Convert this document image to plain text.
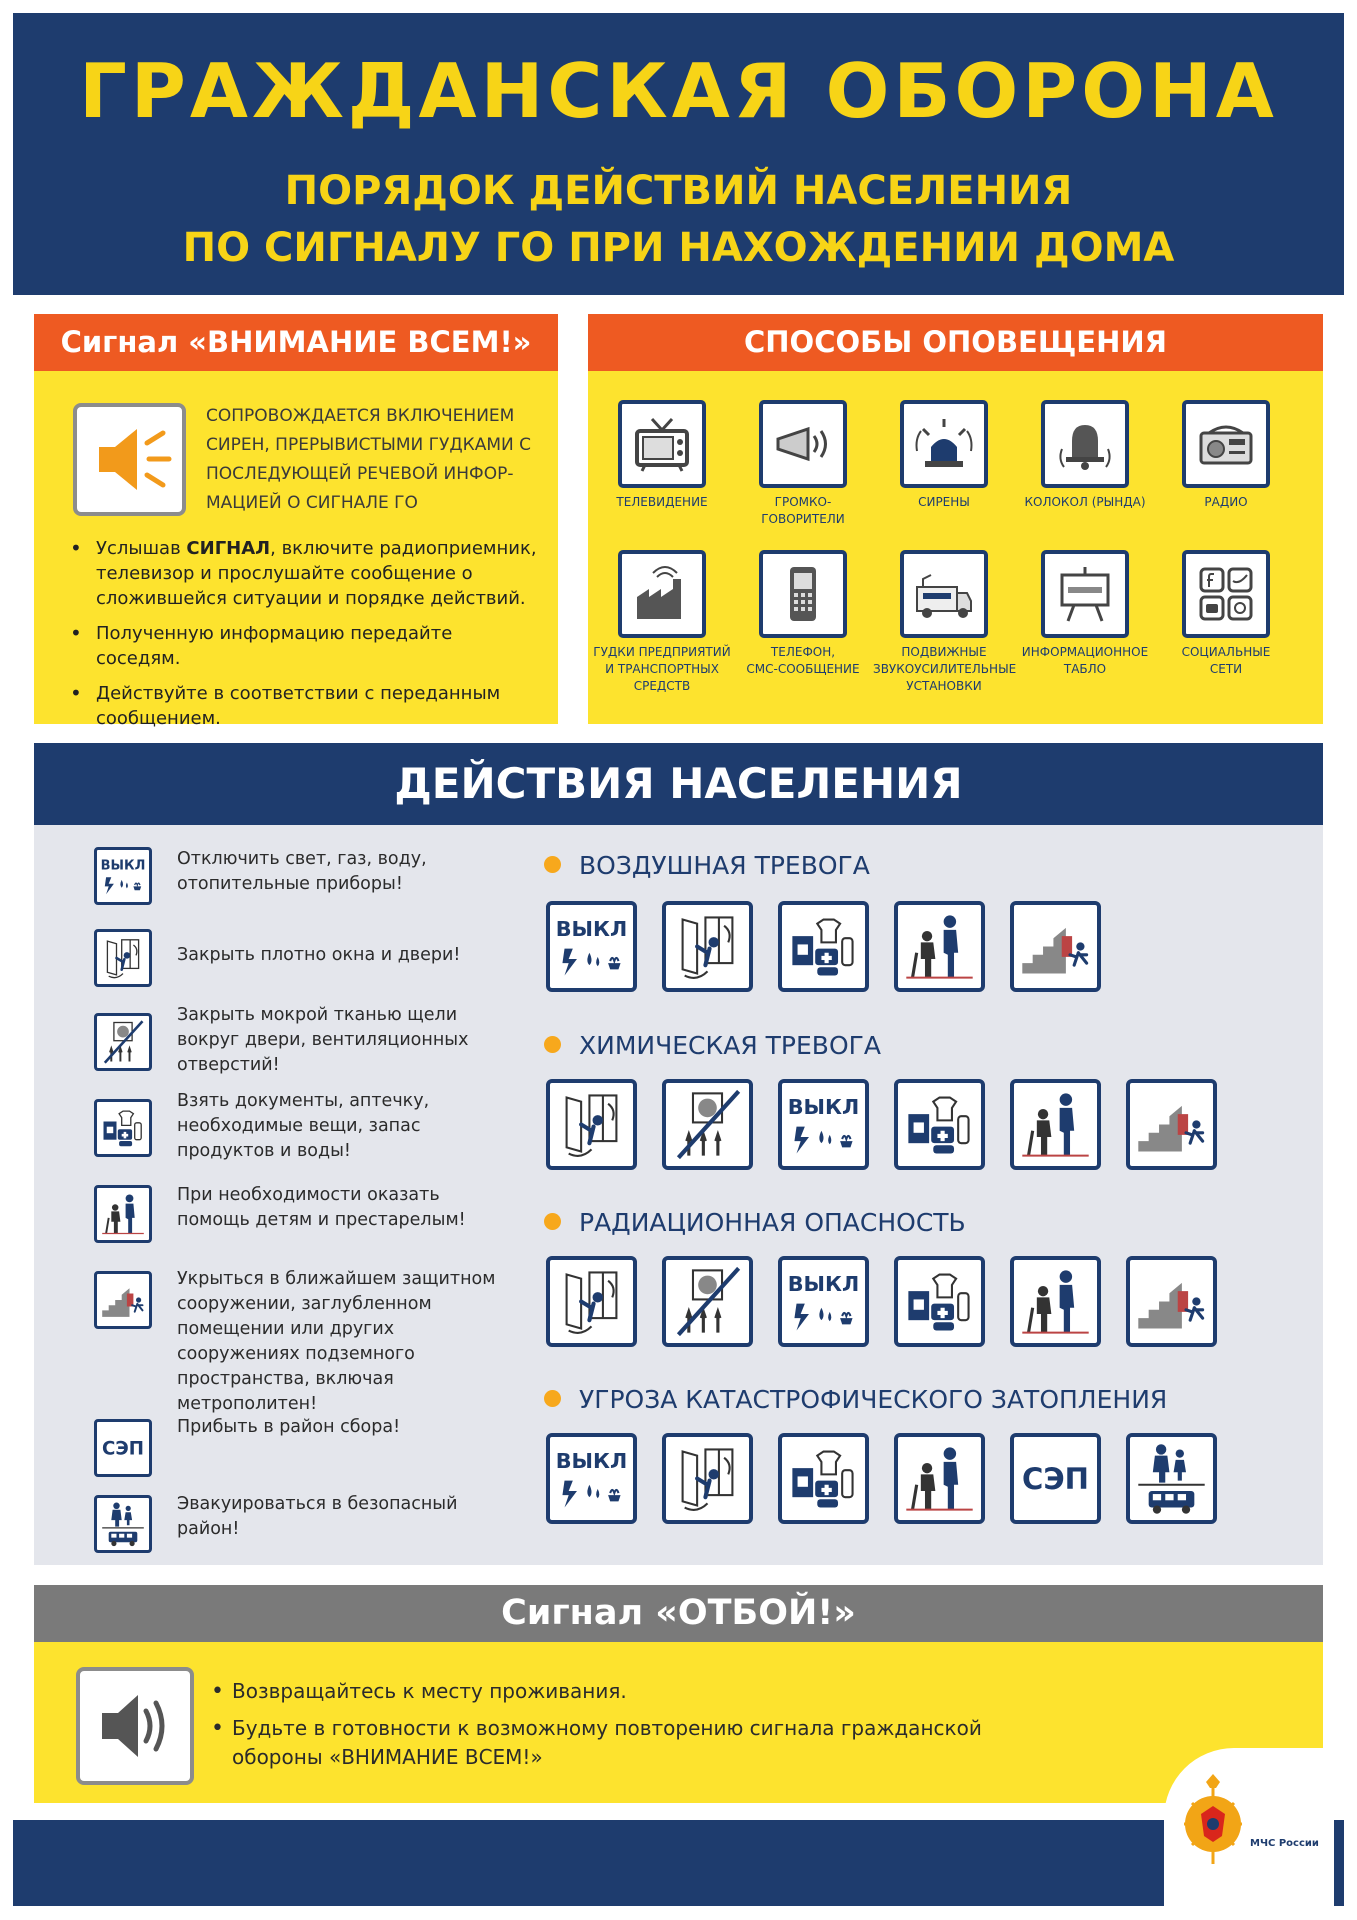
ГРАЖДАНСКАЯ ОБОРОНА
ПОРЯДОК ДЕЙСТВИЙ НАСЕЛЕНИЯ
ПО СИГНАЛУ ГО ПРИ НАХОЖДЕНИИ ДОМА
Сигнал «ВНИМАНИЕ ВСЕМ!»
СОПРОВОЖДАЕТСЯ ВКЛЮЧЕНИЕМ СИРЕН, ПРЕРЫВИСТЫМИ ГУДКАМИ С ПОСЛЕДУЮЩЕЙ РЕЧЕВОЙ ИНФОР-МАЦИЕЙ О СИГНАЛЕ ГО
• Услышав СИГНАЛ, включите радиоприемник, телевизор и прослушайте сообщение о сложившейся ситуации и порядке действий.
• Полученную информацию передайте соседям.
• Действуйте в соответствии с переданным сообщением.
СПОСОБЫ ОПОВЕЩЕНИЯ
ТЕЛЕВИДЕНИЕ	ГРОМКО-
ГОВОРИТЕЛИ
СИРЕНЫ	КОЛОКОЛ (РЫНДА)	РАДИО
ГУДКИ ПРЕДПРИЯТИЙ
И ТРАНСПОРТНЫХ
СРЕДСТВ
ТЕЛЕФОН,
СМС-СООБЩЕНИЕ
ПОДВИЖНЫЕ
ЗВУКОУСИЛИТЕЛЬНЫЕ
УСТАНОВКИ
ИНФОРМАЦИОННОЕ
ТАБЛО
СОЦИАЛЬНЫЕ
СЕТИ
ДЕЙСТВИЯ НАСЕЛЕНИЯ
Отключить свет, газ, воду, отопительные приборы!
Закрыть плотно окна и двери!
Закрыть мокрой тканью щели вокруг двери, вентиляционных отверстий!
Взять документы, аптечку, необходимые вещи, запас продуктов и воды!
При необходимости оказать помощь детям и престарелым!
Укрыться в ближайшем защитном сооружении, заглубленном помещении или других сооружениях подземного пространства, включая метрополитен!
Прибыть в район сбора!
Эвакуироваться в безопасный район!
ВОЗДУШНАЯ ТРЕВОГА
ХИМИЧЕСКАЯ ТРЕВОГА
РАДИАЦИОННАЯ ОПАСНОСТЬ
УГРОЗА КАТАСТРОФИЧЕСКОГО ЗАТОПЛЕНИЯ
Сигнал «ОТБОЙ!»
• Возвращайтесь к месту проживания.
• Будьте в готовности к возможному повторению сигнала гражданской обороны «ВНИМАНИЕ ВСЕМ!»
МЧС России
